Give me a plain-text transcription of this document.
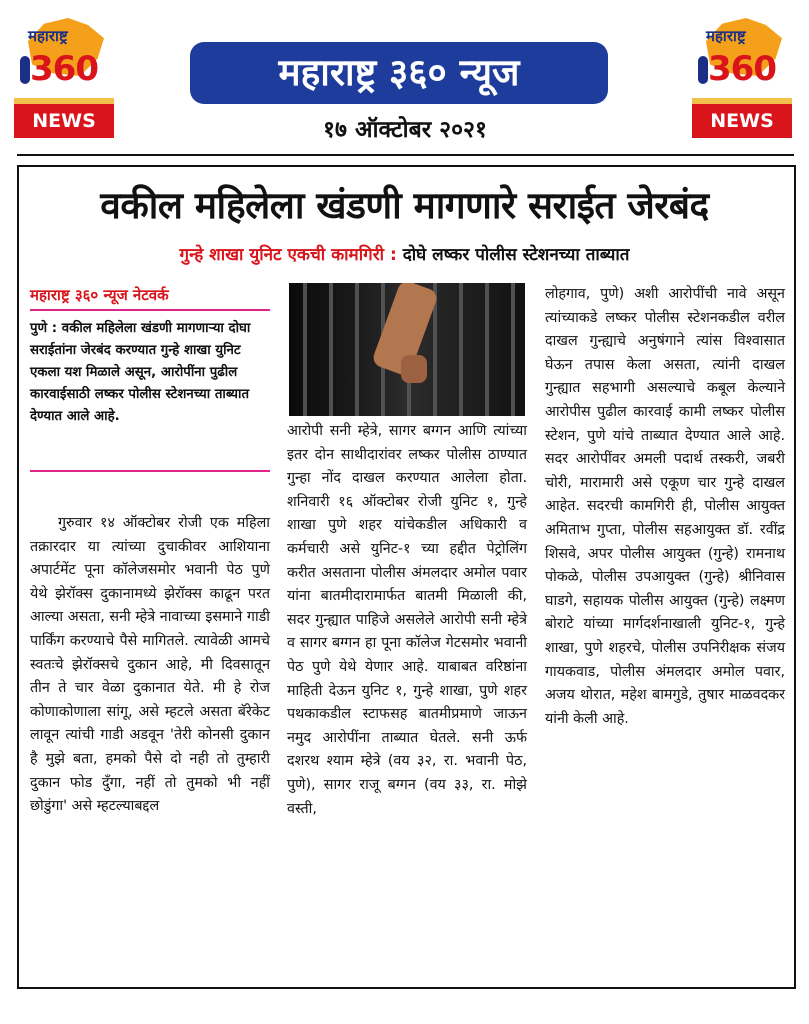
महाराष्ट्र
360
NEWS
महाराष्ट्र ३६० न्यूज
१७ ऑक्टोबर २०२१
महाराष्ट्र
360
NEWS
वकील महिलेला खंडणी मागणारे सराईत जेरबंद
गुन्हे शाखा युनिट एकची कामगिरी : दोघे लष्कर पोलीस स्टेशनच्या ताब्यात
महाराष्ट्र ३६० न्यूज नेटवर्क
पुणे : वकील महिलेला खंडणी मागणाऱ्या दोघा सराईतांना जेरबंद करण्यात गुन्हे शाखा युनिट एकला यश मिळाले असून, आरोपींना पुढील कारवाईसाठी लष्कर पोलीस स्टेशनच्या ताब्यात देण्यात आले आहे.

गुरुवार १४ ऑक्टोबर रोजी एक महिला तक्रारदार या त्यांच्या दुचाकीवर आशियाना अपार्टमेंट पूना कॉलेजसमोर भवानी पेठ पुणे येथे झेरॉक्स दुकानामध्ये झेरॉक्स काढून परत आल्या असता, सनी म्हेत्रे नावाच्या इसमाने गाडी पार्किंग करण्याचे पैसे मागितले. त्यावेळी आमचे स्वतःचे झेरॉक्सचे दुकान आहे, मी दिवसातून तीन ते चार वेळा दुकानात येते. मी हे रोज कोणाकोणाला सांगू, असे म्हटले असता बॅरेकेट लावून त्यांची गाडी अडवून 'तेरी कोनसी दुकान है मुझे बता, हमको पैसे दो नही तो तुम्हारी दुकान फोड दुँगा, नहीं तो तुमको भी नहीं छोडुंगा' असे म्हटल्याबद्दल

आरोपी सनी म्हेत्रे, सागर बग्गन आणि त्यांच्या इतर दोन साथीदारांवर लष्कर पोलीस ठाण्यात गुन्हा नोंद दाखल करण्यात आलेला होता. शनिवारी १६ ऑक्टोबर रोजी युनिट १, गुन्हे शाखा पुणे शहर यांचेकडील अधिकारी व कर्मचारी असे युनिट-१ च्या हद्दीत पेट्रोलिंग करीत असताना पोलीस अंमलदार अमोल पवार यांना बातमीदारामार्फत बातमी मिळाली की, सदर गुन्ह्यात पाहिजे असलेले आरोपी सनी म्हेत्रे व सागर बग्गन हा पूना कॉलेज गेटसमोर भवानी पेठ पुणे येथे येणार आहे. याबाबत वरिष्ठांना माहिती देऊन युनिट १, गुन्हे शाखा, पुणे शहर पथकाकडील स्टाफसह बातमीप्रमाणे जाऊन नमुद आरोपींना ताब्यात घेतले. सनी ऊर्फ दशरथ श्याम म्हेत्रे (वय ३२, रा. भवानी पेठ, पुणे), सागर राजू बग्गन (वय ३३, रा. मोझे वस्ती,

लोहगाव, पुणे) अशी आरोपींची नावे असून त्यांच्याकडे लष्कर पोलीस स्टेशनकडील वरील दाखल गुन्ह्याचे अनुषंगाने त्यांस विश्वासात घेऊन तपास केला असता, त्यांनी दाखल गुन्ह्यात सहभागी असल्याचे कबूल केल्याने आरोपीस पुढील कारवाई कामी लष्कर पोलीस स्टेशन, पुणे यांचे ताब्यात देण्यात आले आहे. सदर आरोपींवर अमली पदार्थ तस्करी, जबरी चोरी, मारामारी असे एकूण चार गुन्हे दाखल आहेत. सदरची कामगिरी ही, पोलीस आयुक्त अमिताभ गुप्ता, पोलीस सहआयुक्त डॉ. रवींद्र शिसवे, अपर पोलीस आयुक्त (गुन्हे) रामनाथ पोकळे, पोलीस उपआयुक्त (गुन्हे) श्रीनिवास घाडगे, सहायक पोलीस आयुक्त (गुन्हे) लक्ष्मण बोराटे यांच्या मार्गदर्शनाखाली युनिट-१, गुन्हे शाखा, पुणे शहरचे, पोलीस उपनिरीक्षक संजय गायकवाड, पोलीस अंमलदार अमोल पवार, अजय थोरात, महेश बामगुडे, तुषार माळवदकर यांनी केली आहे.
